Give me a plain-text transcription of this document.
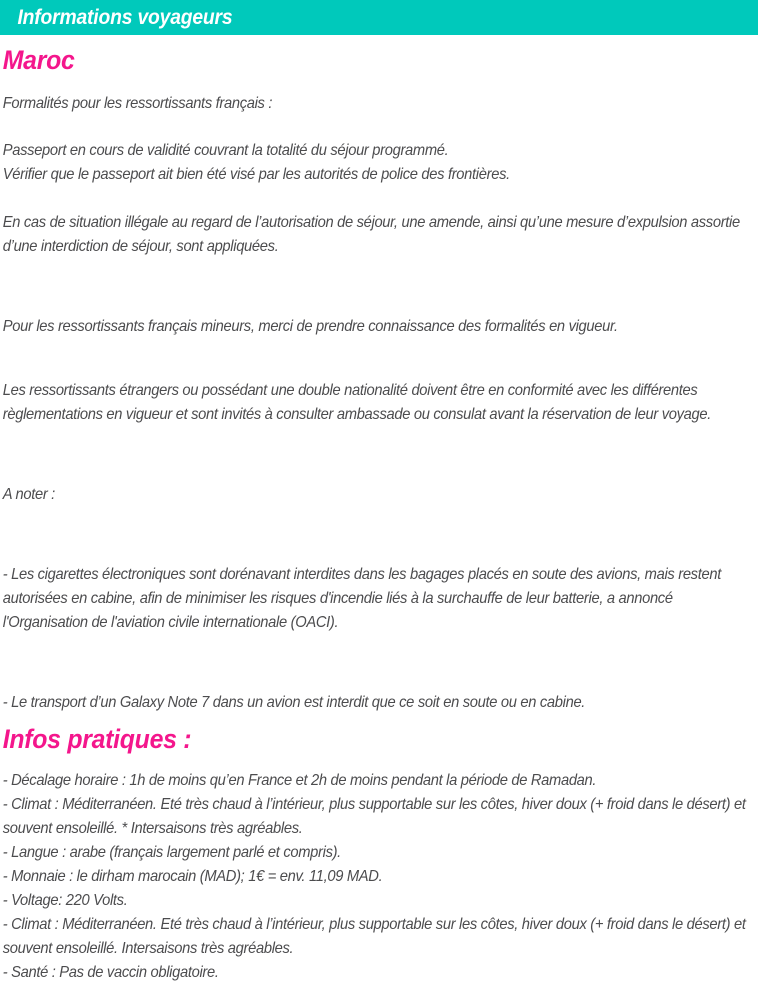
Informations voyageurs
Maroc

Formalités pour les ressortissants français :

Passeport en cours de validité couvrant la totalité du séjour programmé.
Vérifier que le passeport ait bien été visé par les autorités de police des frontières.

En cas de situation illégale au regard de l’autorisation de séjour, une amende, ainsi qu’une mesure d’expulsion assortie d’une interdiction de séjour, sont appliquées.

Pour les ressortissants français mineurs, merci de prendre connaissance des formalités en vigueur.

Les ressortissants étrangers ou possédant une double nationalité doivent être en conformité avec les différentes règlementations en vigueur et sont invités à consulter ambassade ou consulat avant la réservation de leur voyage.

A noter :

- Les cigarettes électroniques sont dorénavant interdites dans les bagages placés en soute des avions, mais restent autorisées en cabine, afin de minimiser les risques d'incendie liés à la surchauffe de leur batterie, a annoncé l'Organisation de l'aviation civile internationale (OACI).

- Le transport d’un Galaxy Note 7 dans un avion est interdit que ce soit en soute ou en cabine.

Infos pratiques :

- Décalage horaire : 1h de moins qu’en France et 2h de moins pendant la période de Ramadan.

- Climat : Méditerranéen. Eté très chaud à l’intérieur, plus supportable sur les côtes, hiver doux (+ froid dans le désert) et souvent ensoleillé. * Intersaisons très agréables.

- Langue : arabe (français largement parlé et compris).

- Monnaie : le dirham marocain (MAD); 1€ = env. 11,09 MAD.

- Voltage: 220 Volts.

- Climat : Méditerranéen. Eté très chaud à l’intérieur, plus supportable sur les côtes, hiver doux (+ froid dans le désert) et souvent ensoleillé. Intersaisons très agréables.

- Santé : Pas de vaccin obligatoire.
